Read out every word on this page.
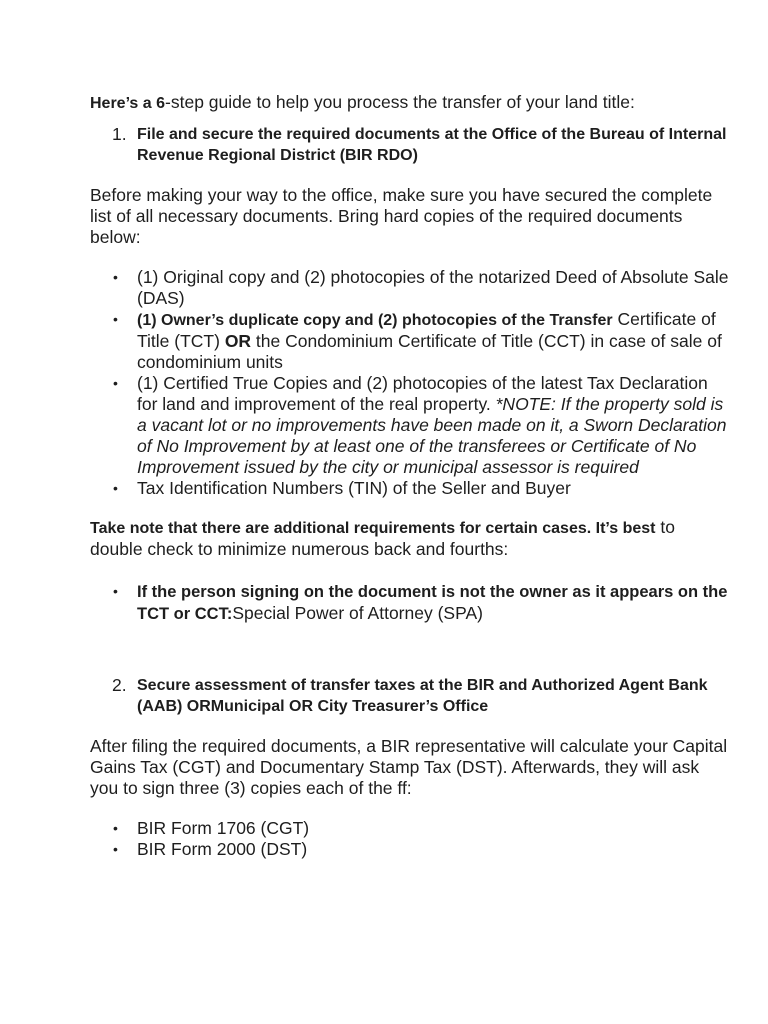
Here’s a 6-step guide to help you process the transfer of your land title:

1. File and secure the required documents at the Office of the Bureau of Internal Revenue Regional District (BIR RDO)

Before making your way to the office, make sure you have secured the complete list of all necessary documents. Bring hard copies of the required documents below:

• (1) Original copy and (2) photocopies of the notarized Deed of Absolute Sale (DAS)
• (1) Owner’s duplicate copy and (2) photocopies of the Transfer Certificate of Title (TCT) OR the Condominium Certificate of Title (CCT) in case of sale of condominium units
• (1) Certified True Copies and (2) photocopies of the latest Tax Declaration for land and improvement of the real property. *NOTE: If the property sold is a vacant lot or no improvements have been made on it, a Sworn Declaration of No Improvement by at least one of the transferees or Certificate of No Improvement issued by the city or municipal assessor is required
• Tax Identification Numbers (TIN) of the Seller and Buyer

Take note that there are additional requirements for certain cases. It’s best to double check to minimize numerous back and fourths:

• If the person signing on the document is not the owner as it appears on the TCT or CCT:Special Power of Attorney (SPA)
2. Secure assessment of transfer taxes at the BIR and Authorized Agent Bank (AAB) ORMunicipal OR City Treasurer’s Office

After filing the required documents, a BIR representative will calculate your Capital Gains Tax (CGT) and Documentary Stamp Tax (DST). Afterwards, they will ask you to sign three (3) copies each of the ff:

• BIR Form 1706 (CGT)
• BIR Form 2000 (DST)
